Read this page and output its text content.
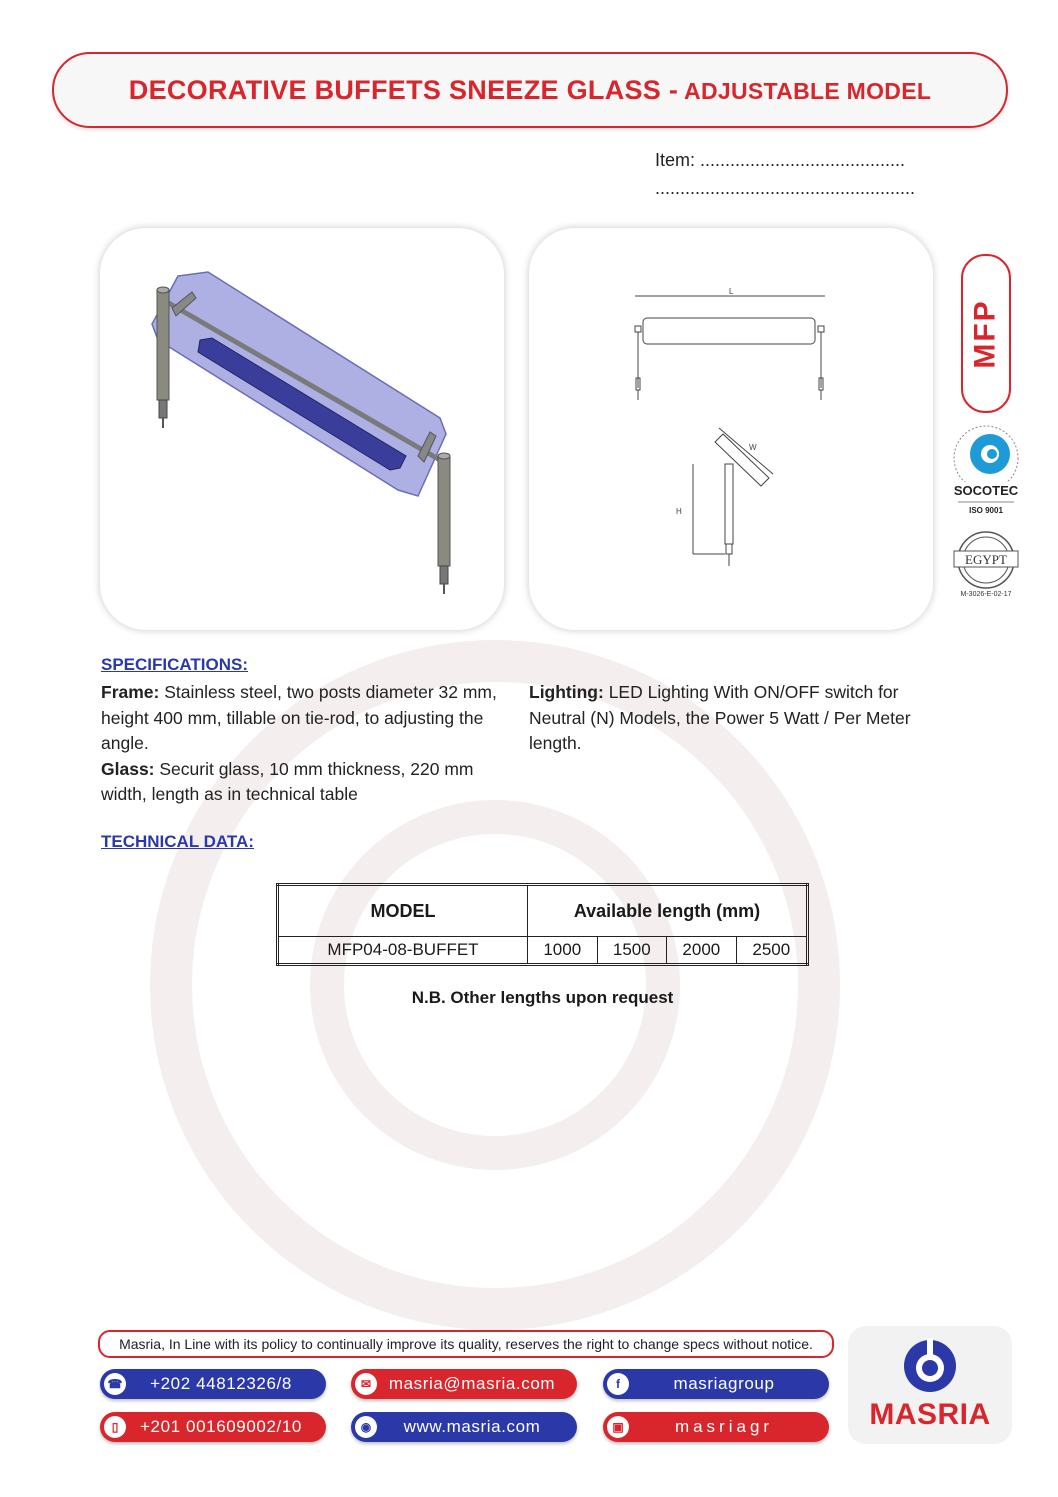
DECORATIVE BUFFETS SNEEZE GLASS - ADJUSTABLE MODEL
Item: .........................................
....................................................
L
H
W
MFP
SOCOTEC
ISO 9001
EGYPT
M-3026-E-02-17
SPECIFICATIONS:
Frame: Stainless steel, two posts diameter 32 mm, height 400 mm, tillable on tie-rod, to adjusting the angle.
Glass: Securit glass, 10 mm thickness, 220 mm width, length as in technical table
Lighting: LED Lighting With ON/OFF switch for Neutral (N) Models, the Power 5 Watt / Per Meter length.
TECHNICAL DATA:
MODEL	Available length (mm)			
MFP04-08-BUFFET	1000	1500	2000	2500
N.B. Other lengths upon request
Masria, In Line with its policy to continually improve its quality, reserves the right to change specs without notice.
☎	+202 44812326/8
▯	+201 001609002/10
✉	masria@masria.com
◉	www.masria.com
f	masriagroup
▣	masriagr	MASRIA
